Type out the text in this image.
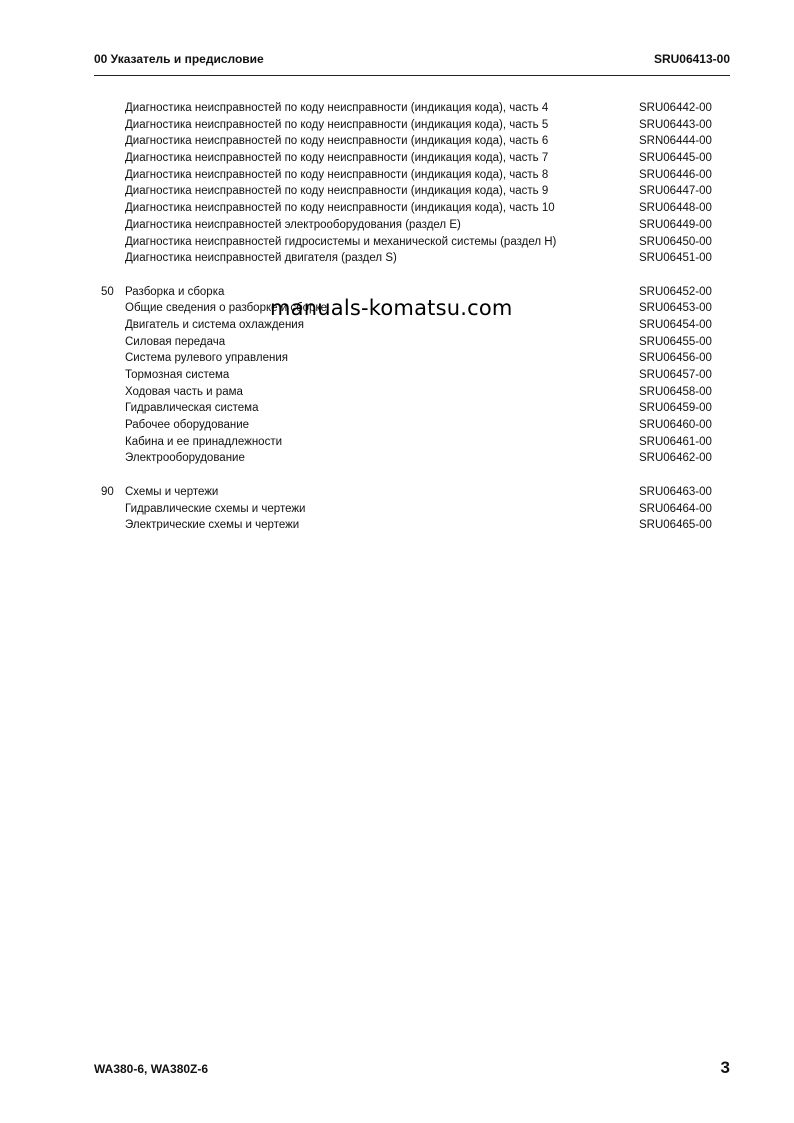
00 Указатель и предисловие	SRU06413-00
Диагностика неисправностей по коду неисправности (индикация кода), часть 4	SRU06442-00
Диагностика неисправностей по коду неисправности (индикация кода), часть 5	SRU06443-00
Диагностика неисправностей по коду неисправности (индикация кода), часть 6	SRN06444-00
Диагностика неисправностей по коду неисправности (индикация кода), часть 7	SRU06445-00
Диагностика неисправностей по коду неисправности (индикация кода), часть 8	SRU06446-00
Диагностика неисправностей по коду неисправности (индикация кода), часть 9	SRU06447-00
Диагностика неисправностей по коду неисправности (индикация кода), часть 10	SRU06448-00
Диагностика неисправностей электрооборудования (раздел E)	SRU06449-00
Диагностика неисправностей гидросистемы и механической системы (раздел H)	SRU06450-00
Диагностика неисправностей двигателя (раздел S)	SRU06451-00
50 Разборка и сборка	SRU06452-00
Общие сведения о разборке и сборке	SRU06453-00
Двигатель и система охлаждения	SRU06454-00
Силовая передача	SRU06455-00
Система рулевого управления	SRU06456-00
Тормозная система	SRU06457-00
Ходовая часть и рама	SRU06458-00
Гидравлическая система	SRU06459-00
Рабочее оборудование	SRU06460-00
Кабина и ее принадлежности	SRU06461-00
Электрооборудование	SRU06462-00
90 Схемы и чертежи	SRU06463-00
Гидравлические схемы и чертежи	SRU06464-00
Электрические схемы и чертежи	SRU06465-00
manuals-komatsu.com
WA380-6, WA380Z-6	3
